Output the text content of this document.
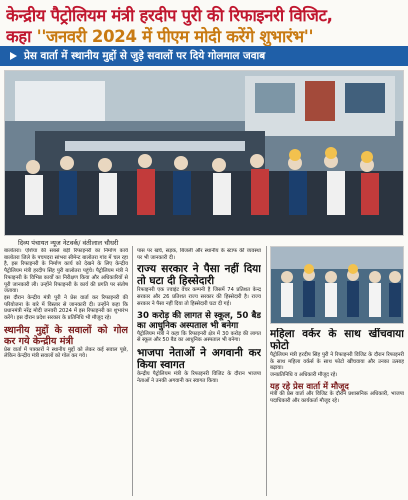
केन्द्रीय पैट्रोलियम मंत्री हरदीप पुरी की रिफाइनरी विजिट,
कहा ''जनवरी 2024 में पीएम मोदी करेंगे शुभारंभ''
प्रेस वार्ता में स्थानीय मुद्दों से जुड़े सवालों पर दिये गोलमाल जवाब
दिव्य पंचायत न्यूज नेटवर्क/ वंतीलाल चौधरी

बालोतरा। एशिया की सबसे बड़ी रिफाइनरी का निर्माण कार्य बालोतरा जिले के पचपदरा सांभरा सीमेन्ट बालोतरा गांव में चल रहा है, इस रिफाइनरी के निर्माण कार्य को देखने के लिए केन्द्रीय पैट्रोलियम मंत्री हरदीप सिंह पुरी बालोतरा पहुंचे। पैट्रोलियम मंत्री ने रिफाइनरी के विभिन्न कार्यों का निरीक्षण किया और अधिकारियों से पूरी जानकारी ली। उन्होंने रिफाइनरी के कार्य की प्रगति पर संतोष जताया।

इस दौरान केन्द्रीय मंत्री पुरी ने प्रेस वार्ता कर रिफाइनरी की परियोजना के बारे में विस्तार से जानकारी दी। उन्होंने कहा कि प्रधानमंत्री नरेंद्र मोदी जनवरी 2024 में इस रिफाइनरी का शुभारंभ करेंगे। इस दौरान प्रदेश सरकार के प्रतिनिधि भी मौजूद रहे।

स्थानीय मुद्दों के सवालों को गोल कर गये केन्द्रीय मंत्री

प्रेस वार्ता में पत्रकारों ने स्थानीय मुद्दों को लेकर कई सवाल पूछे, लेकिन केन्द्रीय मंत्री सवालों को गोल कर गये।

पास पर खर्च, सड़क, बिजली और स्थानीय के स्टाफ की व्यवस्था पर भी जानकारी दी।

राज्य सरकार ने पैसा नहीं दिया तो घटा दी हिस्सेदारी

रिफाइनरी एक ज्वाइंट वेंचर कम्पनी है जिसमें 74 प्रतिशत केन्द्र सरकार और 26 प्रतिशत राज्य सरकार की हिस्सेदारी है। राज्य सरकार ने पैसा नहीं दिया तो हिस्सेदारी घटा दी गई।

30 करोड़ की लागत से स्कूल, 50 बैड का आधुनिक अस्पताल भी बनेगा

पैट्रोलियम मंत्री ने कहा कि रिफाइनरी क्षेत्र में 30 करोड़ की लागत से स्कूल और 50 बैड का आधुनिक अस्पताल भी बनेगा।

भाजपा नेताओं ने अगवानी कर किया स्वागत

केन्द्रीय पैट्रोलियम मंत्री के रिफाइनरी विजिट के दौरान भाजपा नेताओं ने उनकी अगवानी कर स्वागत किया।

महिला वर्कर के साथ खींचवाया फोटो

पैट्रोलियम मंत्री हरदीप सिंह पुरी ने रिफाइनरी विजिट के दौरान रिफाइनरी के साथ महिला वर्कर्स के साथ फोटो खींचवाया और उनका उत्साह बढ़ाया।

जनप्रतिनिधि व अधिकारी मौजूद रहे।

यह रहे प्रेस वार्ता में मौजूद

मंत्री की प्रेस वार्ता और विजिट के दौरान प्रशासनिक अधिकारी, भाजपा पदाधिकारी और कार्यकर्ता मौजूद रहे।
